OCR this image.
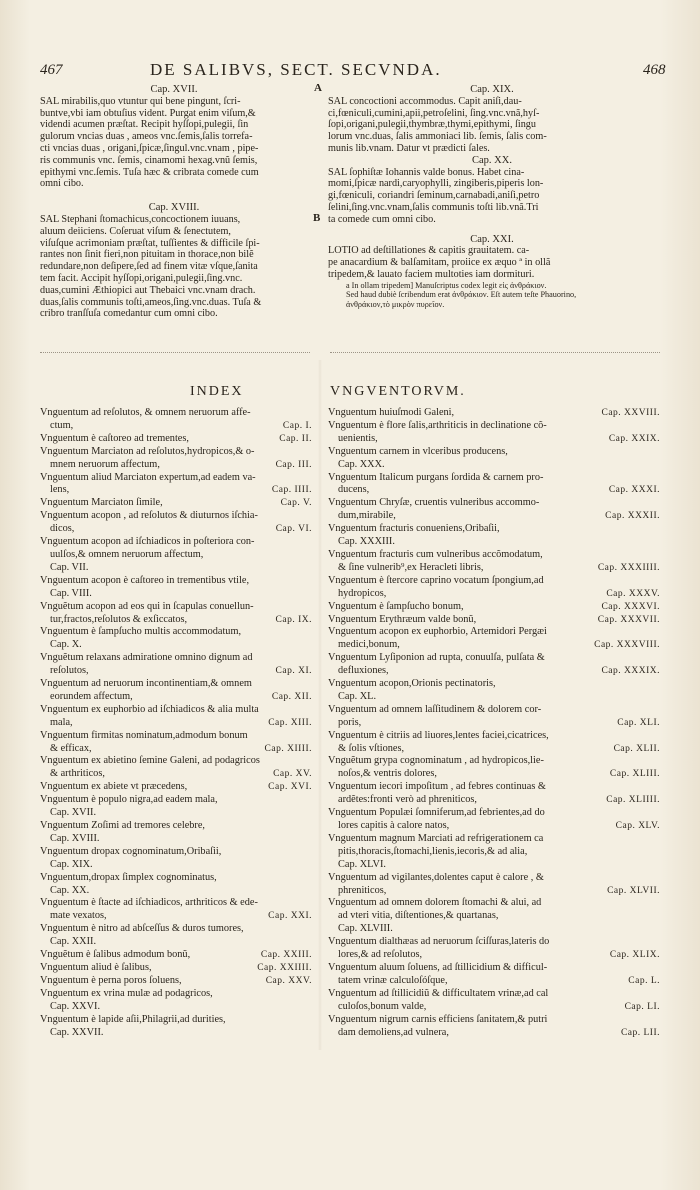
467	DE SALIBVS, SECT. SECVNDA.	468
A
B
Cap. XVII.
SAL mirabilis,quo vtuntur qui bene pingunt, ſcri-
buntve,vbi iam obtuſius vident. Purgat enim viſum,&
videndi acumen præſtat. Recipit hyſſopi,pulegii, ſin
gulorum vncias duas , ameos vnc.ſemis,ſalis torrefa-
cti vncias duas , origani,ſpicæ,ſingul.vnc.vnam , pipe-
ris communis vnc. ſemis, cinamomi hexag.vnũ ſemis,
epithymi vnc.ſemis. Tuſa hæc & cribrata comede cum
omni cibo.
Cap. XVIII.
SAL Stephani ſtomachicus,concoctionem iuuans,
aluum deiiciens. Coſeruat viſum & ſenectutem,
viſuſque acrimoniam præſtat, tuſſientes & difficile ſpi-
rantes non ſinit fieri,non pituitam in thorace,non bilẽ
redundare,non deſipere,ſed ad finem vitæ vſque,ſanita
tem facit. Accipit hyſſopi,origani,pulegii,ſing.vnc.
duas,cumini Æthiopici aut Thebaici vnc.vnam drach.
duas,ſalis communis toſti,ameos,ſing.vnc.duas. Tuſa &
cribro tranſſuſa comedantur cum omni cibo.
Cap. XIX.
SAL concoctioni accommodus. Capit aniſi,dau-
ci,fœniculi,cumini,apii,petroſelini, ſing.vnc.vnã,hyſ-
ſopi,origani,pulegii,thymbræ,thymi,epithymi, ſingu
lorum vnc.duas, ſalis ammoniaci lib. ſemis, ſalis com-
munis lib.vnam. Datur vt prædicti ſales.
Cap. XX.
SAL ſophiſtæ Iohannis valde bonus. Habet cina-
momi,ſpicæ nardi,caryophylli, zingiberis,piperis lon-
gi,fœniculi, coriandri ſeminum,carnabadi,aniſi,petro
ſelini,ſing.vnc.vnam,ſalis communis toſti lib.vnã.Tri
ta comede cum omni cibo.
Cap. XXI.
LOTIO ad deſtillationes & capitis grauitatem. ca-
pe anacardium & balſamitam, proiice ex æquo ª in ollã
tripedem,& lauato faciem multoties iam dormituri.
a In ollam tripedem] Manuſcriptus codex legit εἰς ἀνθράκιον.
Sed haud dubiè ſcribendum erat ἀνθράκιον. Eſt autem teſte Phauorino,
ἀνθράκιον,τὸ μικρὸν πυρεῖον.
INDEX	VNGVENTORVM.
Vnguentum ad reſolutos, & omnem neruorum affe-
ctum,	Cap. I.
Vnguentum è caſtoreo ad trementes,	Cap. II.
Vnguentum Marciaton ad reſolutos,hydropicos,& o-
mnem neruorum affectum,	Cap. III.
Vnguentum aliud Marciaton expertum,ad eadem va-
lens,	Cap. IIII.
Vnguentum Marciaton ſimile,	Cap. V.
Vnguentum acopon , ad reſolutos & diuturnos iſchia-
dicos,	Cap. VI.
Vnguentum acopon ad iſchiadicos in poſteriora con-
uulſos,& omnem neruorum affectum,
Cap. VII.
Vnguentum acopon è caſtoreo in trementibus vtile,
Cap. VIII.
Vnguẽtum acopon ad eos qui in ſcapulas conuellun-
tur,fractos,reſolutos & exſiccatos,	Cap. IX.
Vnguentum è ſampſucho multis accommodatum,
Cap. X.
Vnguẽtum relaxans admiratione omnino dignum ad
reſolutos,	Cap. XI.
Vnguentum ad neruorum incontinentiam,& omnem
eorundem affectum,	Cap. XII.
Vnguentum ex euphorbio ad iſchiadicos & alia multa
mala,	Cap. XIII.
Vnguentum firmitas nominatum,admodum bonum
& efficax,	Cap. XIIII.
Vnguentum ex abietino ſemine Galeni, ad podagricos
& arthriticos,	Cap. XV.
Vnguentum ex abiete vt præcedens,	Cap. XVI.
Vnguentum è populo nigra,ad eadem mala,
Cap. XVII.
Vnguentum Zoſimi ad tremores celebre,
Cap. XVIII.
Vnguentum dropax cognominatum,Oribaſii,
Cap. XIX.
Vnguentum,dropax ſimplex cognominatus,
Cap. XX.
Vnguentum è ſtacte ad iſchiadicos, arthriticos & ede-
mate vexatos,	Cap. XXI.
Vnguentum è nitro ad abſceſſus & duros tumores,
Cap. XXII.
Vnguẽtum è ſalibus admodum bonũ,	Cap. XXIII.
Vnguentum aliud è ſalibus,	Cap. XXIIII.
Vnguentum è perna poros ſoluens,	Cap. XXV.
Vnguentum ex vrina mulæ ad podagricos,
Cap. XXVI.
Vnguentum è lapide aſii,Philagrii,ad durities,
Cap. XXVII.
Vnguentum huiuſmodi Galeni,	Cap. XXVIII.
Vnguentum è flore ſalis,arthriticis in declinatione cõ-
uenientis,	Cap. XXIX.
Vnguentum carnem in vlceribus producens,
Cap. XXX.
Vnguentum Italicum purgans ſordida & carnem pro-
ducens,	Cap. XXXI.
Vnguentum Chryſæ, cruentis vulneribus accommo-
dum,mirabile,	Cap. XXXII.
Vnguentum fracturis conueniens,Oribaſii,
Cap. XXXIII.
Vnguentum fracturis cum vulneribus accõmodatum,
& ſine vulnerib⁹,ex Heracleti libris,	Cap. XXXIIII.
Vnguentum è ſtercore caprino vocatum ſpongium,ad
hydropicos,	Cap. XXXV.
Vnguentum è ſampſucho bonum,	Cap. XXXVI.
Vnguentum Erythræum valde bonũ,	Cap. XXXVII.
Vnguentum acopon ex euphorbio, Artemidori Pergæi
medici,bonum,	Cap. XXXVIII.
Vnguentum Lyſiponion ad rupta, conuulſa, pulſata &
defluxiones,	Cap. XXXIX.
Vnguentum acopon,Orionis pectinatoris,
Cap. XL.
Vnguentum ad omnem laſſitudinem & dolorem cor-
poris,	Cap. XLI.
Vnguentum è citriis ad liuores,lentes faciei,cicatrices,
& ſolis vſtiones,	Cap. XLII.
Vnguẽtum grypa cognominatum , ad hydropicos,lie-
noſos,& ventris dolores,	Cap. XLIII.
Vnguentum iecori impoſitum , ad febres continuas &
ardẽtes:fronti verò ad phreniticos,	Cap. XLIIII.
Vnguentum Populæi ſomniferum,ad febrientes,ad do
lores capitis à calore natos,	Cap. XLV.
Vnguentum magnum Marciati ad refrigerationem ca
pitis,thoracis,ſtomachi,lienis,iecoris,& ad alia,
Cap. XLVI.
Vnguentum ad vigilantes,dolentes caput è calore , &
phreniticos,	Cap. XLVII.
Vnguentum ad omnem dolorem ſtomachi & alui, ad
ad vteri vitia, diſtentiones,& quartanas,
Cap. XLVIII.
Vnguentum dialthæas ad neruorum ſciſſuras,lateris do
lores,& ad reſolutos,	Cap. XLIX.
Vnguentum aluum ſoluens, ad ſtillicidium & difficul-
tatem vrinæ calculoſóſque,	Cap. L.
Vnguentum ad ſtillicidiũ & difficultatem vrinæ,ad cal
culoſos,bonum valde,	Cap. LI.
Vnguentum nigrum carnis efficiens ſanitatem,& putri
dam demoliens,ad vulnera,	Cap. LII.
